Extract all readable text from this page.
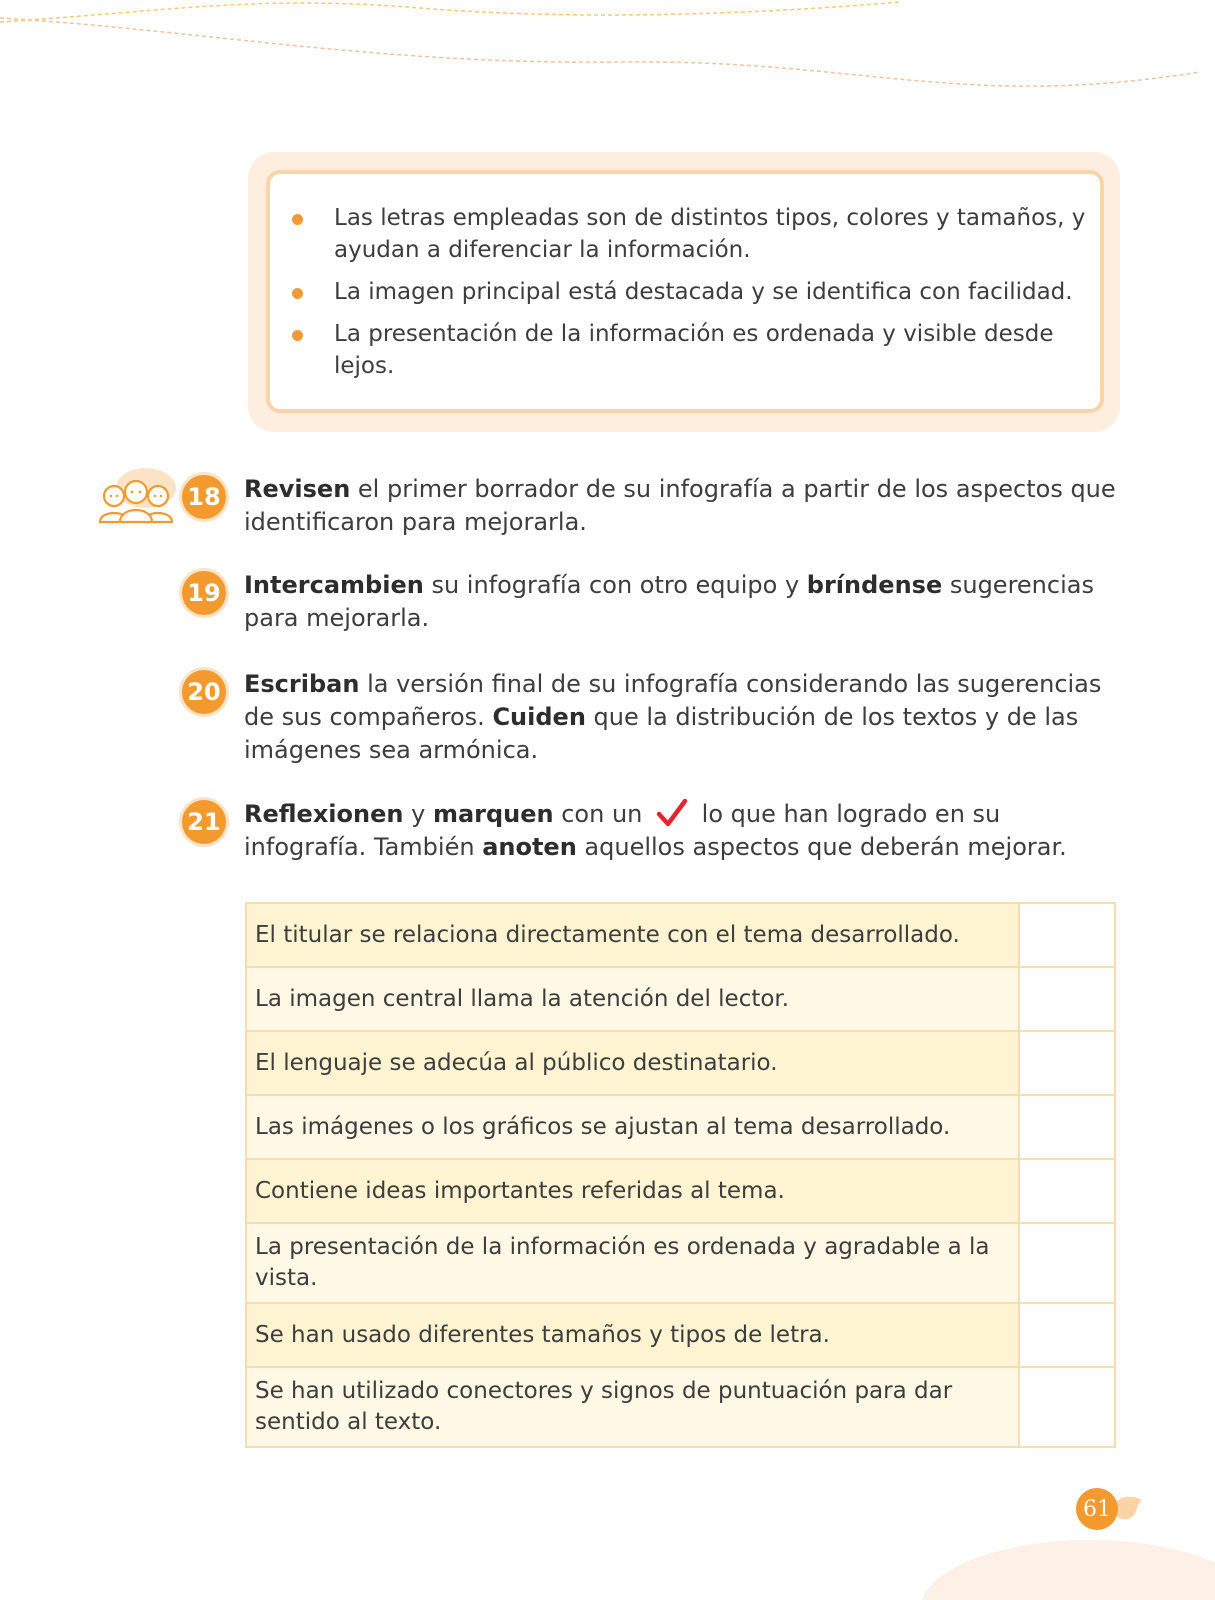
Las letras empleadas son de distintos tipos, colores y tamaños, y ayudan a diferenciar la información.
La imagen principal está destacada y se identifica con facilidad.
La presentación de la información es ordenada y visible desde lejos.
18 Revisen el primer borrador de su infografía a partir de los aspectos que identificaron para mejorarla.
19 Intercambien su infografía con otro equipo y bríndense sugerencias para mejorarla.
20 Escriban la versión final de su infografía considerando las sugerencias de sus compañeros. Cuiden que la distribución de los textos y de las imágenes sea armónica.
21 Reflexionen y marquen con un  lo que han logrado en su infografía. También anoten aquellos aspectos que deberán mejorar.
El titular se relaciona directamente con el tema desarrollado.	
La imagen central llama la atención del lector.	
El lenguaje se adecúa al público destinatario.	
Las imágenes o los gráficos se ajustan al tema desarrollado.	
Contiene ideas importantes referidas al tema.	
La presentación de la información es ordenada y agradable a la vista.	
Se han usado diferentes tamaños y tipos de letra.	
Se han utilizado conectores y signos de puntuación para dar sentido al texto.	
61
